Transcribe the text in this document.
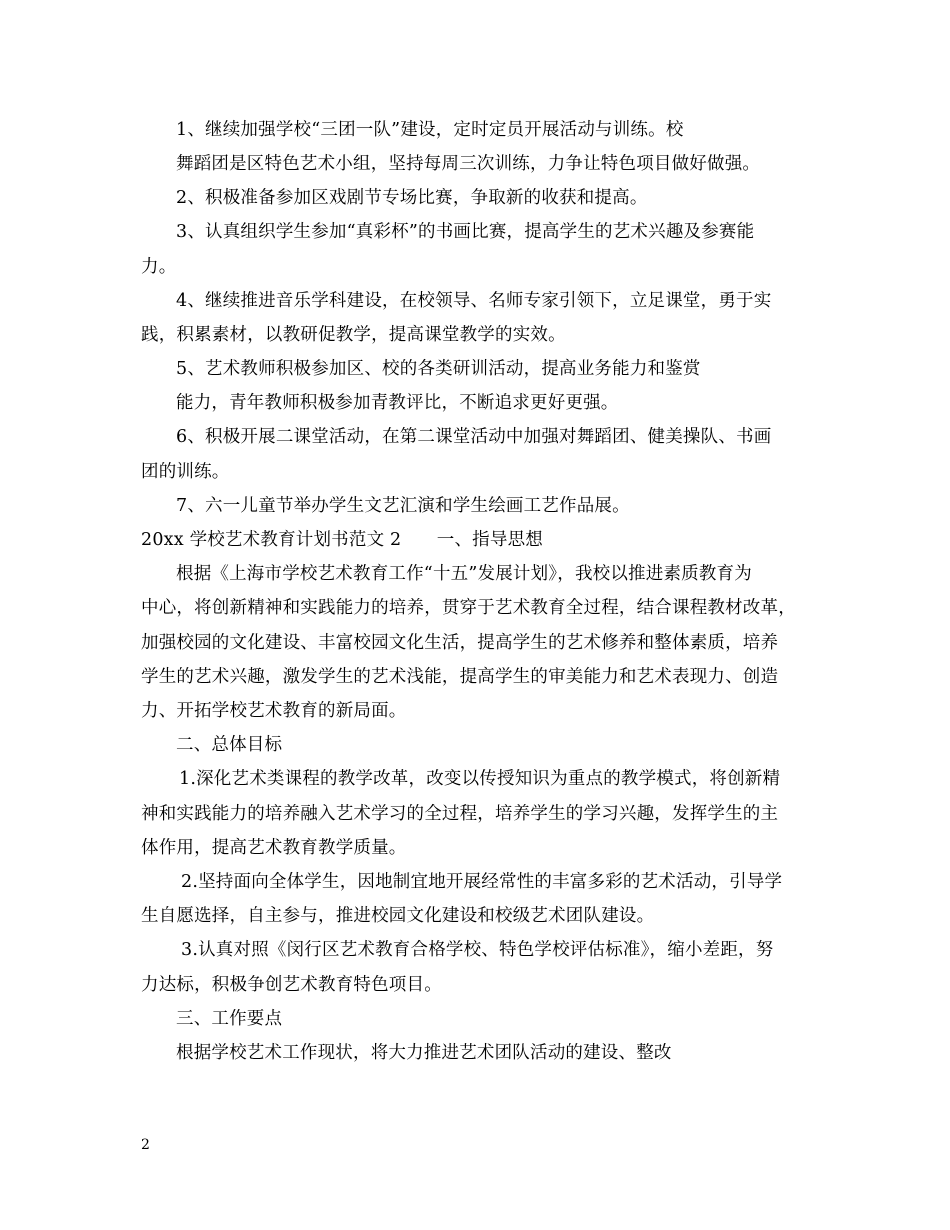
1、继续加强学校“三团一队”建设，定时定员开展活动与训练。校
舞蹈团是区特色艺术小组，坚持每周三次训练，力争让特色项目做好做强。
2、积极准备参加区戏剧节专场比赛，争取新的收获和提高。
3、认真组织学生参加“真彩杯”的书画比赛，提高学生的艺术兴趣及参赛能
力。
4、继续推进音乐学科建设，在校领导、名师专家引领下，立足课堂，勇于实
践，积累素材，以教研促教学，提高课堂教学的实效。
5、艺术教师积极参加区、校的各类研训活动，提高业务能力和鉴赏
能力，青年教师积极参加青教评比，不断追求更好更强。
6、积极开展二课堂活动，在第二课堂活动中加强对舞蹈团、健美操队、书画
团的训练。
7、六一儿童节举办学生文艺汇演和学生绘画工艺作品展。
20xx 学校艺术教育计划书范文 2　　一、指导思想
根据《上海市学校艺术教育工作“十五”发展计划》，我校以推进素质教育为
中心，将创新精神和实践能力的培养，贯穿于艺术教育全过程，结合课程教材改革，
加强校园的文化建设、丰富校园文化生活，提高学生的艺术修养和整体素质，培养
学生的艺术兴趣，激发学生的艺术浅能，提高学生的审美能力和艺术表现力、创造
力、开拓学校艺术教育的新局面。
二、总体目标
1.深化艺术类课程的教学改革，改变以传授知识为重点的教学模式，将创新精
神和实践能力的培养融入艺术学习的全过程，培养学生的学习兴趣，发挥学生的主
体作用，提高艺术教育教学质量。
2.坚持面向全体学生，因地制宜地开展经常性的丰富多彩的艺术活动，引导学
生自愿选择，自主参与，推进校园文化建设和校级艺术团队建设。
3.认真对照《闵行区艺术教育合格学校、特色学校评估标准》，缩小差距，努
力达标，积极争创艺术教育特色项目。
三、工作要点
根据学校艺术工作现状，将大力推进艺术团队活动的建设、整改
2
